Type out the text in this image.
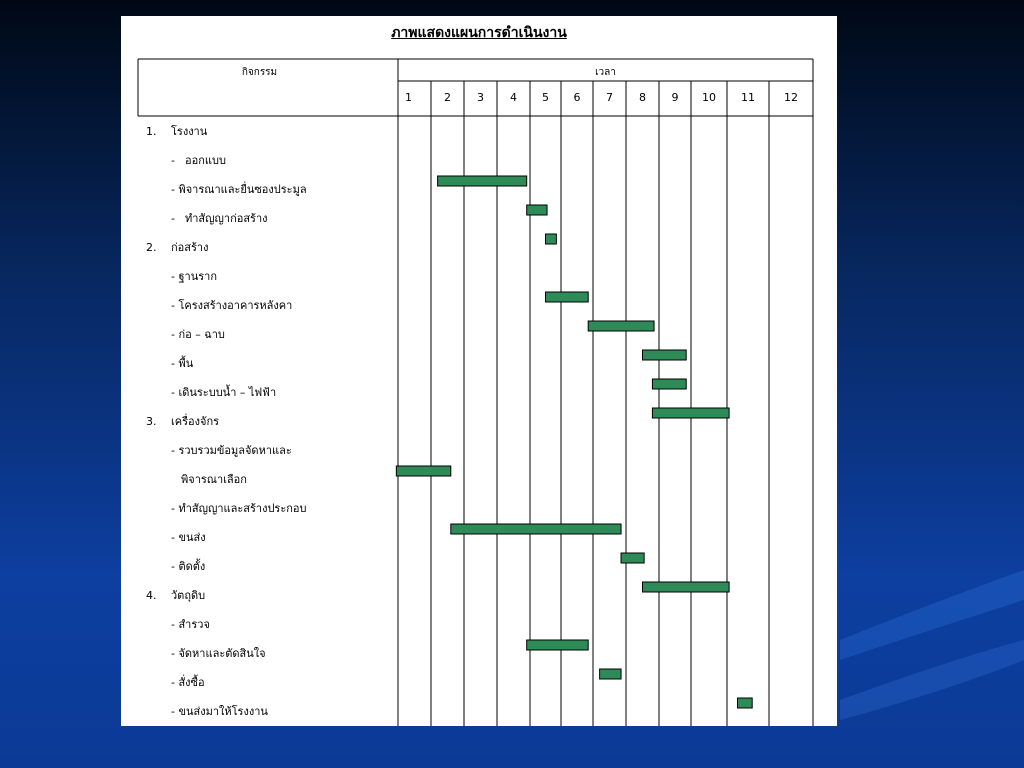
ภาพแสดงแผนการดำเนินงาน
กิจกรรม	เวลา
1. โรงงาน
- ออกแบบ
- พิจารณาและยื่นซองประมูล
- ทำสัญญาก่อสร้าง
2. ก่อสร้าง
- ฐานราก
- โครงสร้างอาคารหลังคา
- ก่อ – ฉาบ
- พื้น
- เดินระบบน้ำ – ไฟฟ้า
3. เครื่องจักร
- รวบรวมข้อมูลจัดหาและ
พิจารณาเลือก
- ทำสัญญาและสร้างประกอบ
- ขนส่ง
- ติดตั้ง
4. วัตถุดิบ
- สำรวจ
- จัดหาและตัดสินใจ
- สั่งซื้อ
- ขนส่งมาให้โรงงาน
1	2	3	4	5	6	7	8	9	10	11	12
